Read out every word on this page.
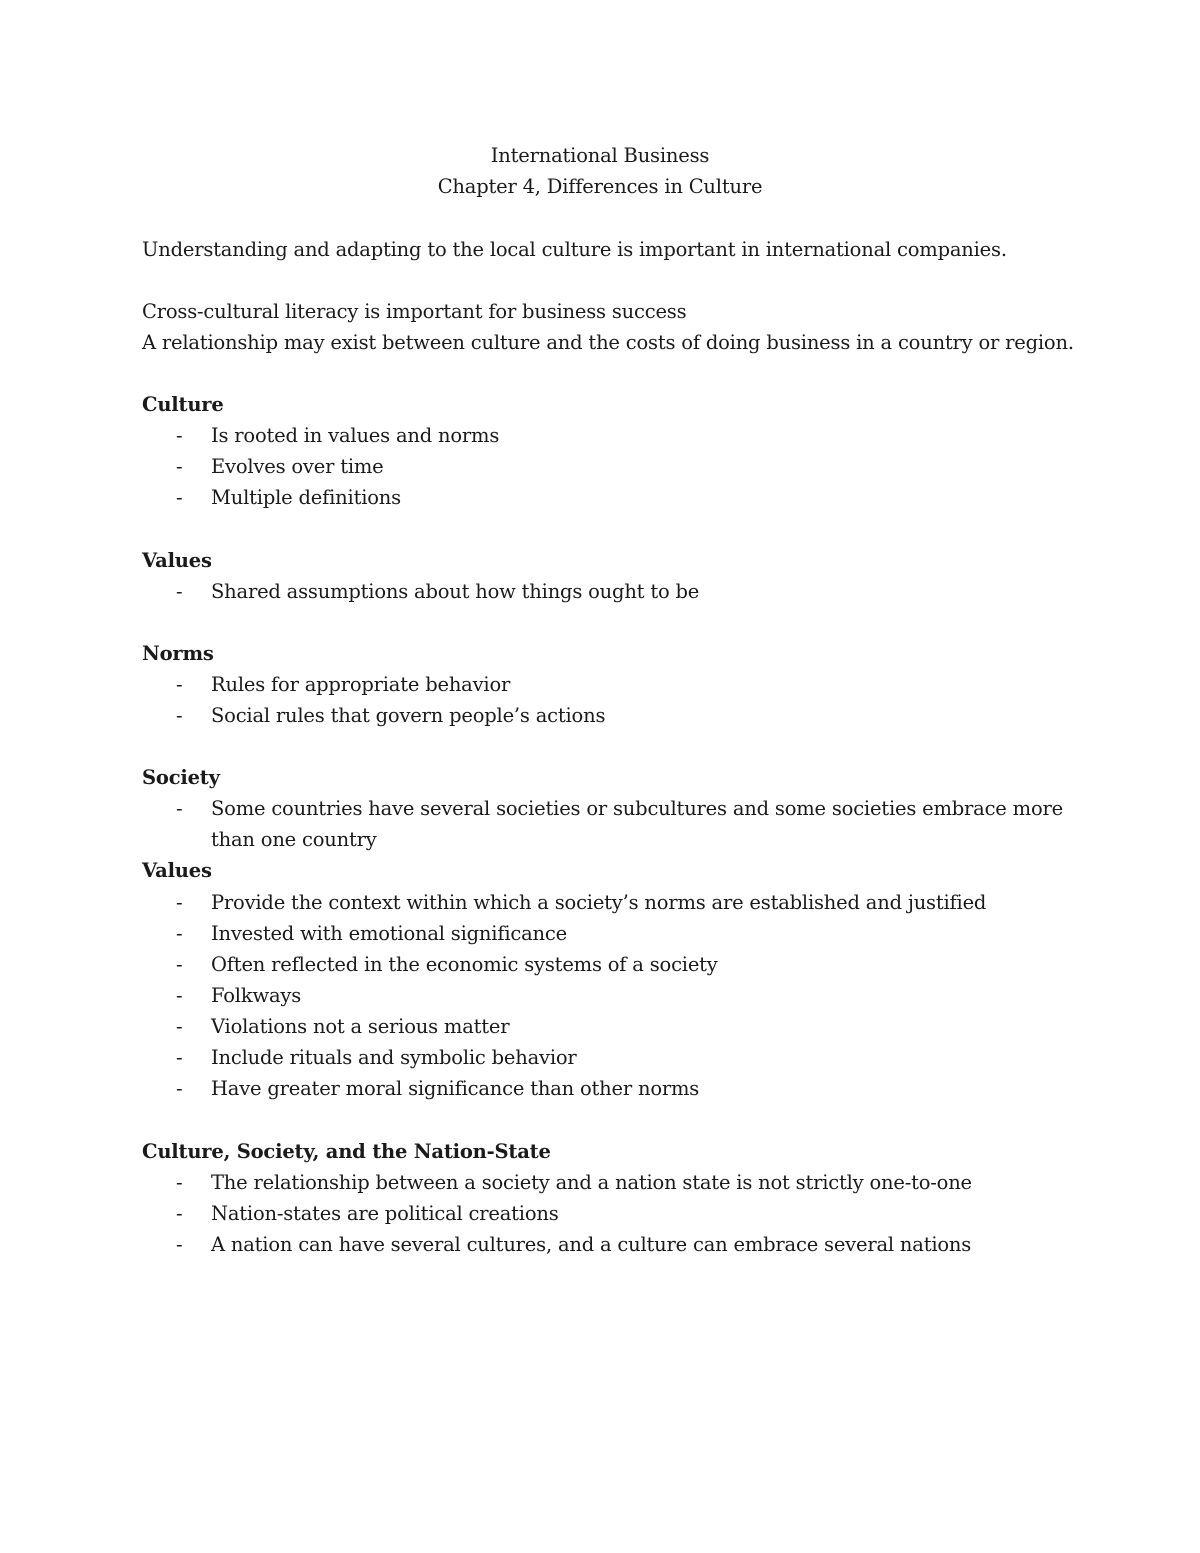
International Business
Chapter 4, Differences in Culture
Understanding and adapting to the local culture is important in international companies.
Cross-cultural literacy is important for business success
A relationship may exist between culture and the costs of doing business in a country or region.
Culture
- Is rooted in values and norms
- Evolves over time
- Multiple definitions
Values
- Shared assumptions about how things ought to be
Norms
- Rules for appropriate behavior
- Social rules that govern people’s actions
Society
- Some countries have several societies or subcultures and some societies embrace more
than one country
Values
- Provide the context within which a society’s norms are established and justified
- Invested with emotional significance
- Often reflected in the economic systems of a society
- Folkways
- Violations not a serious matter
- Include rituals and symbolic behavior
- Have greater moral significance than other norms
Culture, Society, and the Nation-State
- The relationship between a society and a nation state is not strictly one-to-one
- Nation-states are political creations
- A nation can have several cultures, and a culture can embrace several nations
